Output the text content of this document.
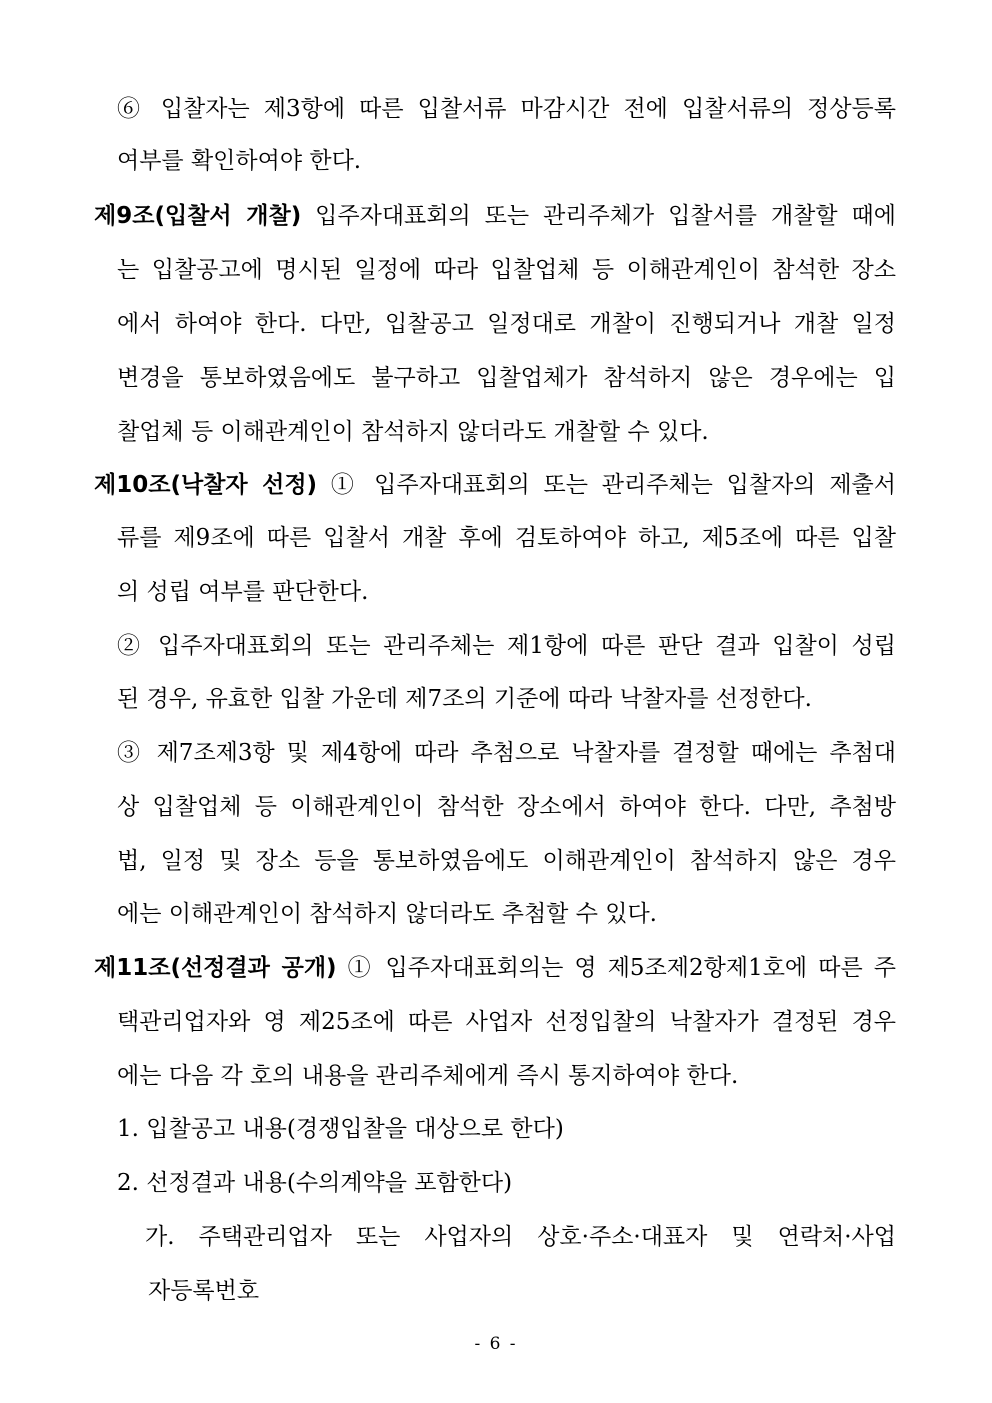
⑥ 입찰자는 제3항에 따른 입찰서류 마감시간 전에 입찰서류의 정상등록
여부를 확인하여야 한다.
제9조(입찰서 개찰) 입주자대표회의 또는 관리주체가 입찰서를 개찰할 때에
는 입찰공고에 명시된 일정에 따라 입찰업체 등 이해관계인이 참석한 장소
에서 하여야 한다. 다만, 입찰공고 일정대로 개찰이 진행되거나 개찰 일정
변경을 통보하였음에도 불구하고 입찰업체가 참석하지 않은 경우에는 입
찰업체 등 이해관계인이 참석하지 않더라도 개찰할 수 있다.
제10조(낙찰자 선정) ① 입주자대표회의 또는 관리주체는 입찰자의 제출서
류를 제9조에 따른 입찰서 개찰 후에 검토하여야 하고, 제5조에 따른 입찰
의 성립 여부를 판단한다.
② 입주자대표회의 또는 관리주체는 제1항에 따른 판단 결과 입찰이 성립
된 경우, 유효한 입찰 가운데 제7조의 기준에 따라 낙찰자를 선정한다.
③ 제7조제3항 및 제4항에 따라 추첨으로 낙찰자를 결정할 때에는 추첨대
상 입찰업체 등 이해관계인이 참석한 장소에서 하여야 한다. 다만, 추첨방
법, 일정 및 장소 등을 통보하였음에도 이해관계인이 참석하지 않은 경우
에는 이해관계인이 참석하지 않더라도 추첨할 수 있다.
제11조(선정결과 공개) ① 입주자대표회의는 영 제5조제2항제1호에 따른 주
택관리업자와 영 제25조에 따른 사업자 선정입찰의 낙찰자가 결정된 경우
에는 다음 각 호의 내용을 관리주체에게 즉시 통지하여야 한다.
1. 입찰공고 내용(경쟁입찰을 대상으로 한다)
2. 선정결과 내용(수의계약을 포함한다)
가. 주택관리업자 또는 사업자의 상호·주소·대표자 및 연락처·사업
자등록번호
- 6 -
